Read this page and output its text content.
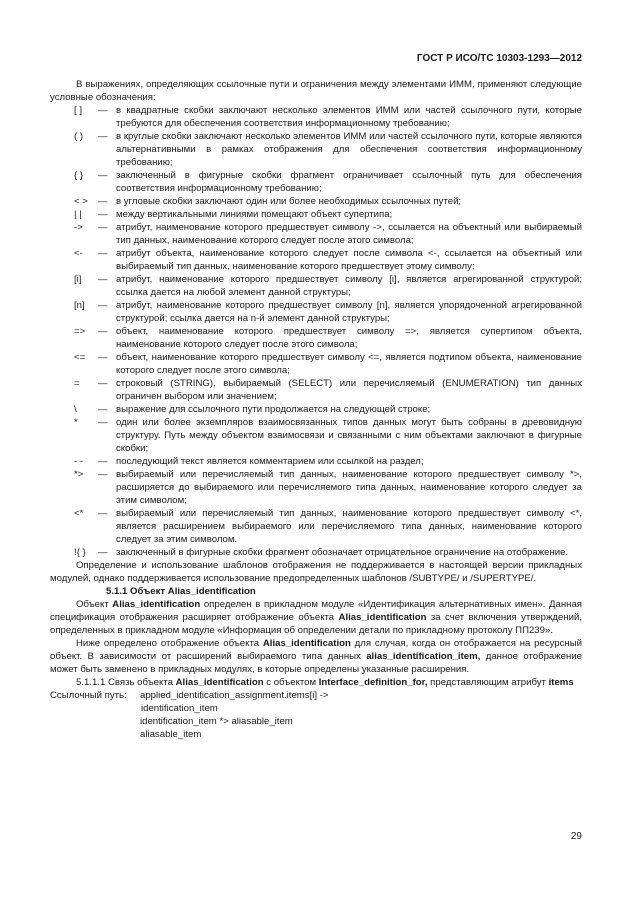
ГОСТ Р ИСО/ТС 10303-1293—2012

В выражениях, определяющих ссылочные пути и ограничения между элементами ИММ, применяют следующие условные обозначения:

[ ]	— в квадратные скобки заключают несколько элементов ИММ или частей ссылочного пути, которые требуются для обеспечения соответствия информационному требованию;
( )	— в круглые скобки заключают несколько элементов ИММ или частей ссылочного пути, которые являются альтернативными в рамках отображения для обеспечения соответствия информационному требованию;
{ }	— заключенный в фигурные скобки фрагмент ограничивает ссылочный путь для обеспечения соответствия информационному требованию;
< >	— в угловые скобки заключают один или более необходимых ссылочных путей;
| |	— между вертикальными линиями помещают объект супертипа;
->	— атрибут, наименование которого предшествует символу ->, ссылается на объектный или выбираемый тип данных, наименование которого следует после этого символа;
<-	— атрибут объекта, наименование которого следует после символа <-, ссылается на объектный или выбираемый тип данных, наименование которого предшествует этому символу;
[i]	— атрибут, наименование которого предшествует символу [i], является агрегированной структурой; ссылка дается на любой элемент данной структуры;
[n]	— атрибут, наименование которого предшествует символу [n], является упорядоченной агрегированной структурой; ссылка дается на n-й элемент данной структуры;
=>	— объект, наименование которого предшествует символу =>, является супертипом объекта, наименование которого следует после этого символа;
<=	— объект, наименование которого предшествует символу <=, является подтипом объекта, наименование которого следует после этого символа;
=	— строковый (STRING), выбираемый (SELECT) или перечисляемый (ENUMERATION) тип данных ограничен выбором или значением;
\	— выражение для ссылочного пути продолжается на следующей строке;
*	— один или более экземпляров взаимосвязанных типов данных могут быть собраны в древовидную структуру. Путь между объектом взаимосвязи и связанными с ним объектами заключают в фигурные скобки;
- -	— последующий текст является комментарием или ссылкой на раздел;
*>	— выбираемый или перечисляемый тип данных, наименование которого предшествует символу *>, расширяется до выбираемого или перечисляемого типа данных, наименование которого следует за этим символом;
<*	— выбираемый или перечисляемый тип данных, наименование которого предшествует символу <*, является расширением выбираемого или перечисляемого типа данных, наименование которого следует за этим символом.
!{ }	— заключенный в фигурные скобки фрагмент обозначает отрицательное ограничение на отображение.

Определение и использование шаблонов отображения не поддерживается в настоящей версии прикладных модулей, однако поддерживается использование предопределенных шаблонов /SUBTYPE/ и /SUPERTYPE/.

5.1.1 Объект Alias_identification

Объект Alias_identification определен в прикладном модуле «Идентификация альтернативных имен». Данная спецификация отображения расширяет отображение объекта Alias_identification за счет включения утверждений, определенных в прикладном модуле «Информация об определении детали по прикладному протоколу ПП239».

Ниже определено отображение объекта Alias_identification для случая, когда он отображается на ресурсный объект. В зависимости от расширений выбираемого типа данных alias_identification_item, данное отображение может быть заменено в прикладных модулях, в которые определены указанные расширения.

5.1.1.1 Связь объекта Alias_identification с объектом Interface_definition_for, представляющим атрибут items

Ссылочный путь:	applied_identification_assignment.items[i] ->
identification_item
identification_item *> aliasable_item
aliasable_item
29
